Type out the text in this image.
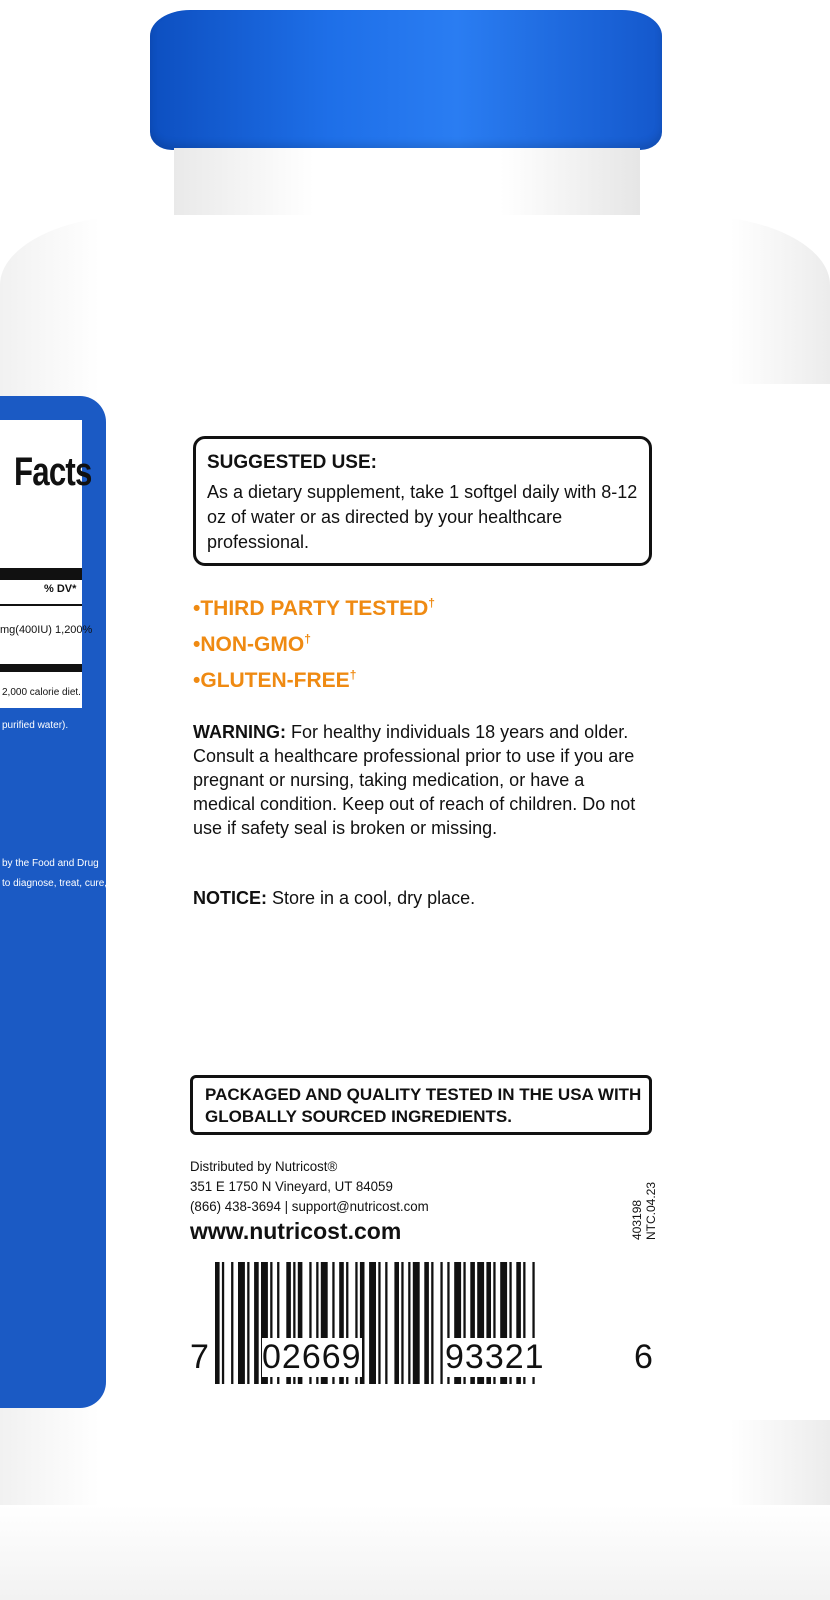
Facts
% DV*
mg(400IU) 1,200%
2,000 calorie diet.
purified water).
by the Food and Drug
to diagnose, treat, cure,
SUGGESTED USE:
As a dietary supplement, take 1 softgel daily with 8-12 oz of water or as directed by your healthcare professional.
•THIRD PARTY TESTED†
•NON-GMO†
•GLUTEN-FREE†
WARNING: For healthy individuals 18 years and older. Consult a healthcare professional prior to use if you are pregnant or nursing, taking medication, or have a medical condition. Keep out of reach of children. Do not use if safety seal is broken or missing.
NOTICE: Store in a cool, dry place.
PACKAGED AND QUALITY TESTED IN THE USA WITH GLOBALLY SOURCED INGREDIENTS.
Distributed by Nutricost®
351 E 1750 N Vineyard, UT 84059
(866) 438-3694 | support@nutricost.com
www.nutricost.com	403198 NTC.04.23
7 02669 93321	6
